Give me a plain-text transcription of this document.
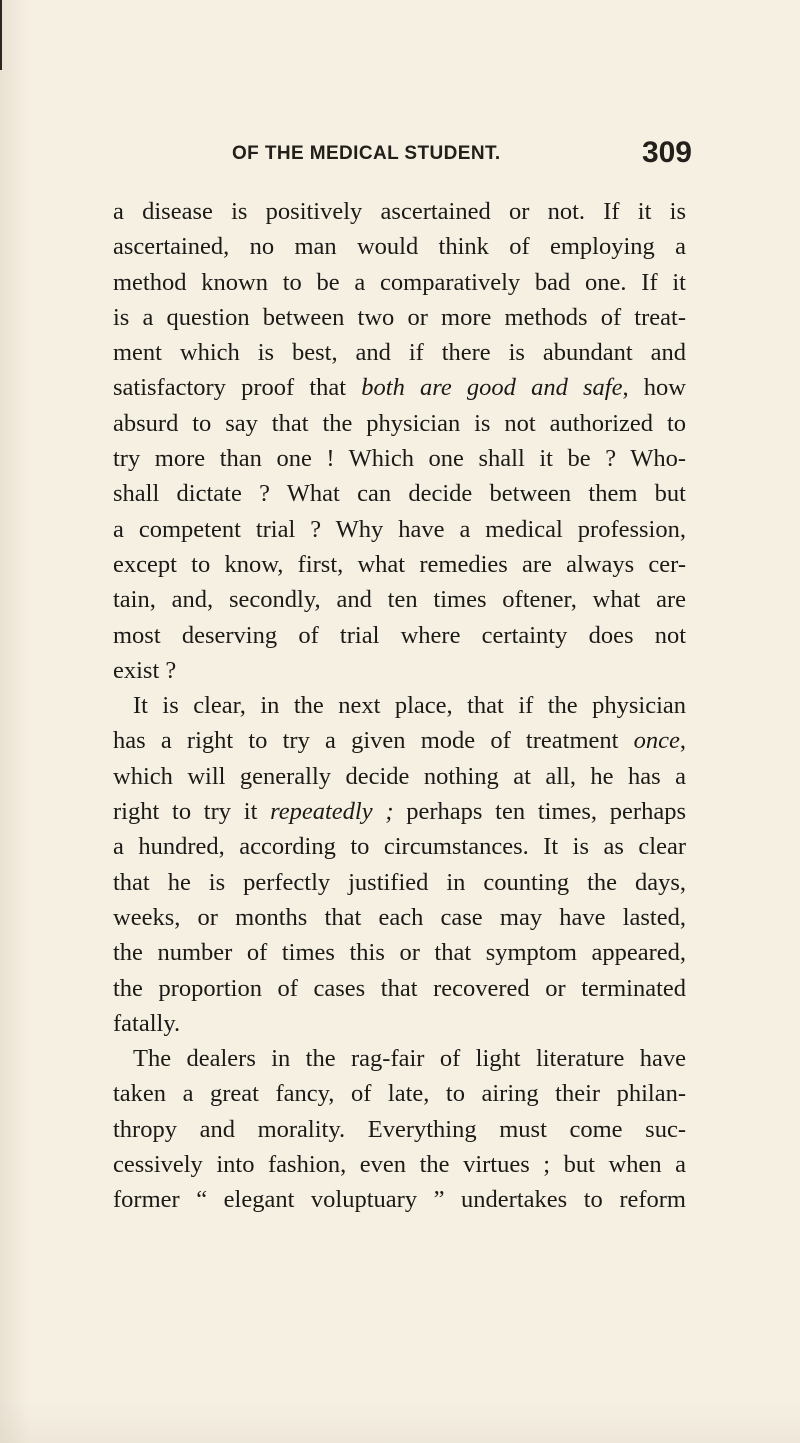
OF THE MEDICAL STUDENT.	309
a disease is positively ascertained or not. If it is
ascertained, no man would think of employing a
method known to be a comparatively bad one. If it
is a question between two or more methods of treat-
ment which is best, and if there is abundant and
satisfactory proof that both are good and safe, how
absurd to say that the physician is not authorized to
try more than one ! Which one shall it be ? Who-
shall dictate ? What can decide between them but
a competent trial ? Why have a medical profession,
except to know, first, what remedies are always cer-
tain, and, secondly, and ten times oftener, what are
most deserving of trial where certainty does not
exist ?
It is clear, in the next place, that if the physician
has a right to try a given mode of treatment once,
which will generally decide nothing at all, he has a
right to try it repeatedly ; perhaps ten times, perhaps
a hundred, according to circumstances. It is as clear
that he is perfectly justified in counting the days,
weeks, or months that each case may have lasted,
the number of times this or that symptom appeared,
the proportion of cases that recovered or terminated
fatally.
The dealers in the rag-fair of light literature have
taken a great fancy, of late, to airing their philan-
thropy and morality. Everything must come suc-
cessively into fashion, even the virtues ; but when a
former “ elegant voluptuary ” undertakes to reform
